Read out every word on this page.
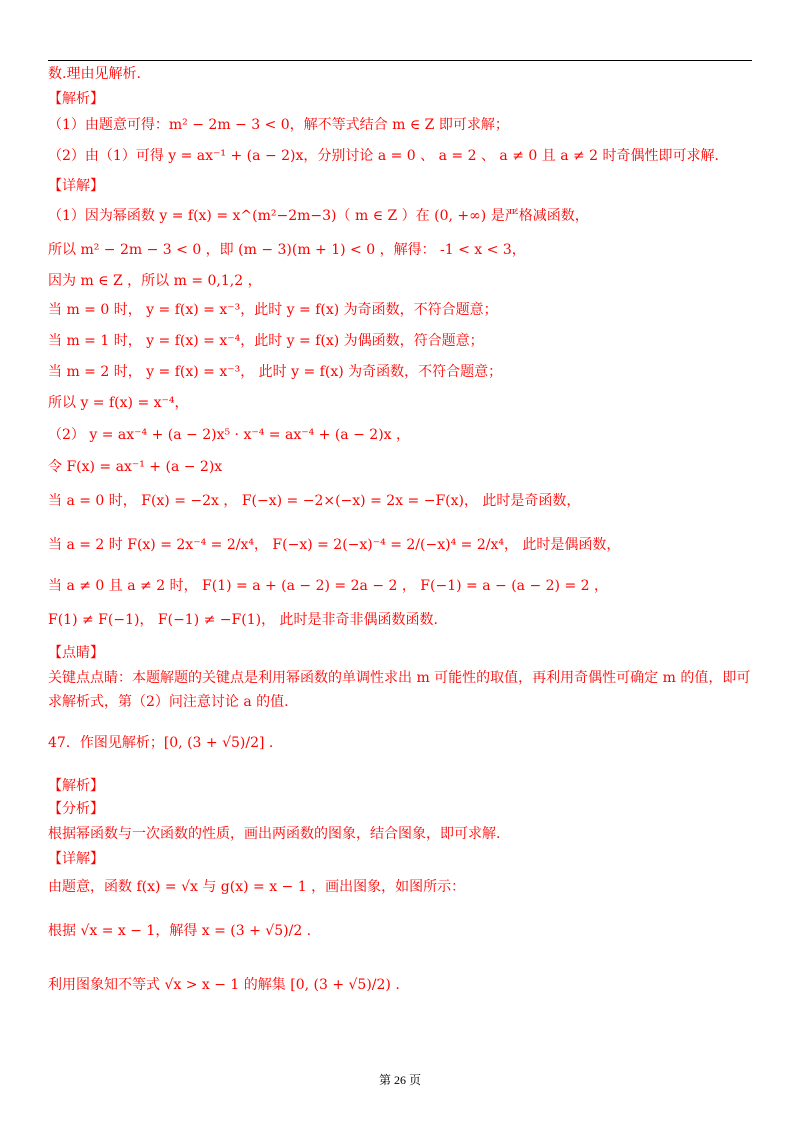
数.理由见解析.
【解析】
（1）由题意可得：m² − 2m − 3 < 0，解不等式结合 m ∈ Z 即可求解；
（2）由（1）可得 y = ax⁻¹ + (a − 2)x，分别讨论 a = 0 、 a = 2 、 a ≠ 0 且 a ≠ 2 时奇偶性即可求解.
【详解】
（1）因为幂函数 y = f(x) = x^(m²−2m−3)（ m ∈ Z ）在 (0, +∞) 是严格减函数，
所以 m² − 2m − 3 < 0 ，即 (m − 3)(m + 1) < 0 ，解得： -1 < x < 3，
因为 m ∈ Z ，所以 m = 0,1,2 ，
当 m = 0 时， y = f(x) = x⁻³，此时 y = f(x) 为奇函数，不符合题意；
当 m = 1 时， y = f(x) = x⁻⁴，此时 y = f(x) 为偶函数，符合题意；
当 m = 2 时， y = f(x) = x⁻³， 此时 y = f(x) 为奇函数，不符合题意；
所以 y = f(x) = x⁻⁴，
（2） y = ax⁻⁴ + (a − 2)x⁵ · x⁻⁴ = ax⁻⁴ + (a − 2)x ，
令 F(x) = ax⁻¹ + (a − 2)x
当 a = 0 时， F(x) = −2x ， F(−x) = −2×(−x) = 2x = −F(x)， 此时是奇函数，
当 a = 2 时 F(x) = 2x⁻⁴ = 2/x⁴， F(−x) = 2(−x)⁻⁴ = 2/(−x)⁴ = 2/x⁴， 此时是偶函数，
当 a ≠ 0 且 a ≠ 2 时， F(1) = a + (a − 2) = 2a − 2 ， F(−1) = a − (a − 2) = 2 ，
F(1) ≠ F(−1)， F(−1) ≠ −F(1)， 此时是非奇非偶函数函数.
【点睛】
关键点点睛：本题解题的关键点是利用幂函数的单调性求出 m 可能性的取值，再利用奇偶性可确定 m 的值，即可
求解析式，第（2）问注意讨论 a 的值.
47．作图见解析；[0, (3 + √5)/2] .
【解析】
【分析】
根据幂函数与一次函数的性质，画出两函数的图象，结合图象，即可求解.
【详解】
由题意，函数 f(x) = √x 与 g(x) = x − 1 ，画出图象，如图所示：
根据 √x = x − 1，解得 x = (3 + √5)/2 .
利用图象知不等式 √x > x − 1 的解集 [0, (3 + √5)/2) .
第 26 页
